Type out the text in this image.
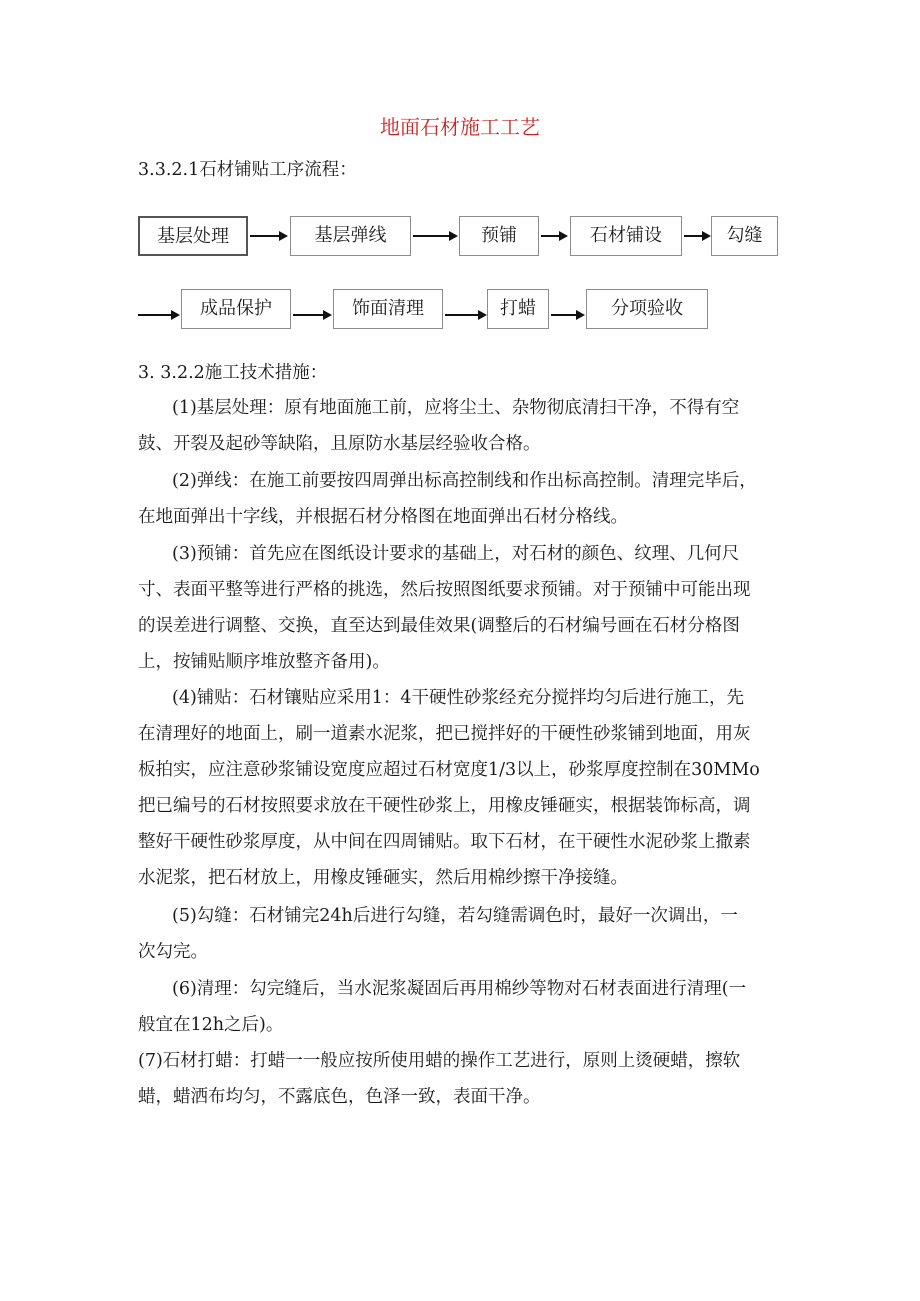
地面石材施工工艺
3.3.2.1石材铺贴工序流程：
基层处理	基层弹线	预铺	石材铺设	勾缝
成品保护	饰面清理	打蜡	分项验收
3. 3.2.2施工技术措施：
(1)基层处理：原有地面施工前，应将尘土、杂物彻底清扫干净，不得有空
鼓、开裂及起砂等缺陷，且原防水基层经验收合格。
(2)弹线：在施工前要按四周弹出标高控制线和作出标高控制。清理完毕后，
在地面弹出十字线，并根据石材分格图在地面弹出石材分格线。
(3)预铺：首先应在图纸设计要求的基础上，对石材的颜色、纹理、几何尺
寸、表面平整等进行严格的挑选，然后按照图纸要求预铺。对于预铺中可能出现
的误差进行调整、交换，直至达到最佳效果(调整后的石材编号画在石材分格图
上，按铺贴顺序堆放整齐备用)。
(4)铺贴：石材镶贴应采用1：4干硬性砂浆经充分搅拌均匀后进行施工，先
在清理好的地面上，刷一道素水泥浆，把已搅拌好的干硬性砂浆铺到地面，用灰
板拍实，应注意砂浆铺设宽度应超过石材宽度1/3以上，砂浆厚度控制在30MMo
把已编号的石材按照要求放在干硬性砂浆上，用橡皮锤砸实，根据装饰标高，调
整好干硬性砂浆厚度，从中间在四周铺贴。取下石材，在干硬性水泥砂浆上撒素
水泥浆，把石材放上，用橡皮锤砸实，然后用棉纱擦干净接缝。
(5)勾缝：石材铺完24h后进行勾缝，若勾缝需调色时，最好一次调出，一
次勾完。
(6)清理：勾完缝后，当水泥浆凝固后再用棉纱等物对石材表面进行清理(一
般宜在12h之后)。
(7)石材打蜡：打蜡一一般应按所使用蜡的操作工艺进行，原则上烫硬蜡，擦软
蜡，蜡洒布均匀，不露底色，色泽一致，表面干净。
